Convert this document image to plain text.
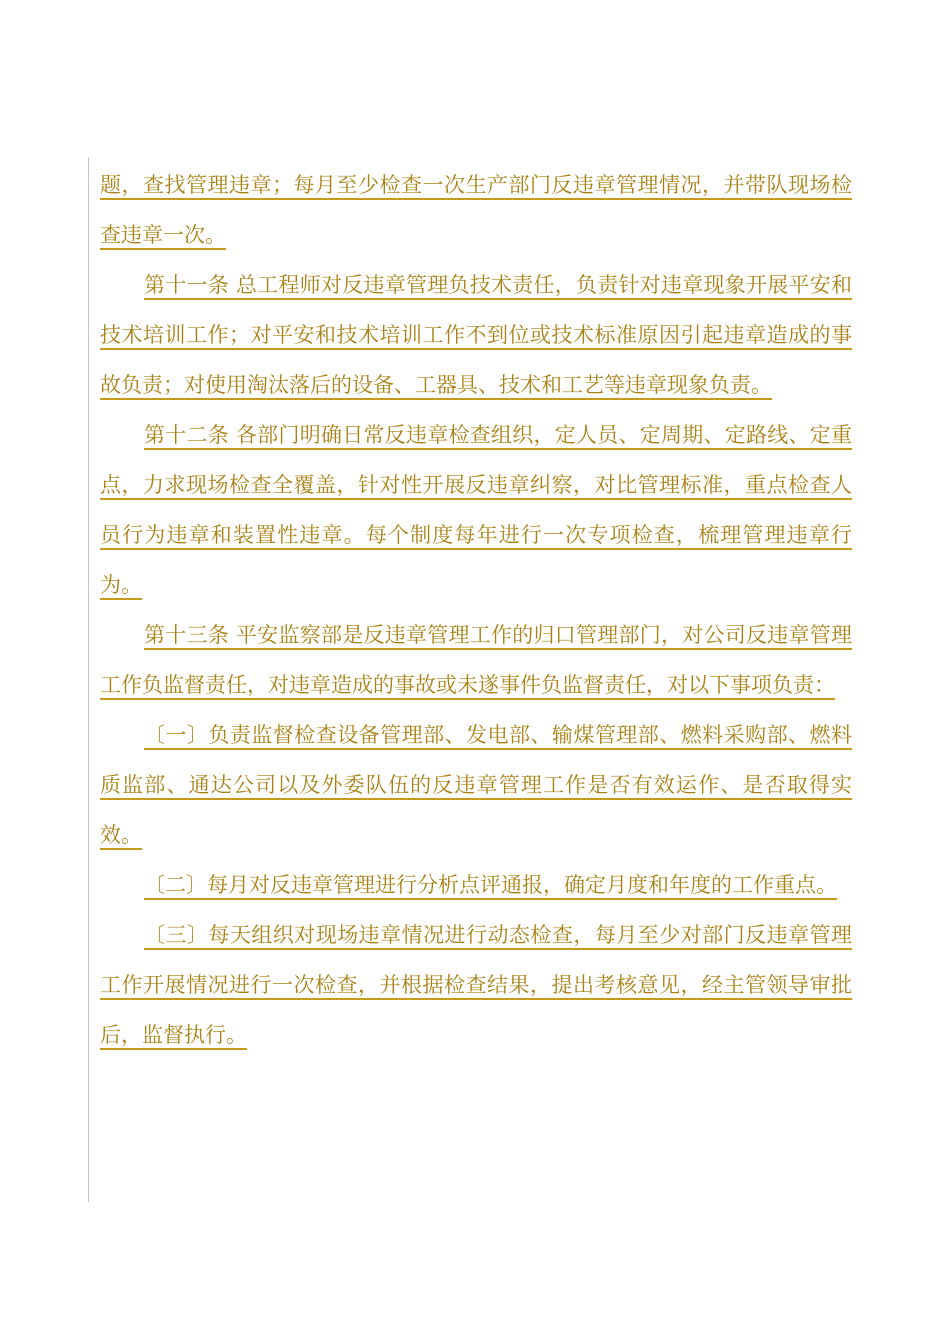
题，查找管理违章；每月至少检查一次生产部门反违章管理情况，并带队现场检查违章一次。

第十一条 总工程师对反违章管理负技术责任，负责针对违章现象开展平安和技术培训工作；对平安和技术培训工作不到位或技术标准原因引起违章造成的事故负责；对使用淘汰落后的设备、工器具、技术和工艺等违章现象负责。

第十二条 各部门明确日常反违章检查组织，定人员、定周期、定路线、定重点，力求现场检查全覆盖，针对性开展反违章纠察，对比管理标准，重点检查人员行为违章和装置性违章。每个制度每年进行一次专项检查，梳理管理违章行为。

第十三条 平安监察部是反违章管理工作的归口管理部门，对公司反违章管理工作负监督责任，对违章造成的事故或未遂事件负监督责任，对以下事项负责：

〔一〕负责监督检查设备管理部、发电部、输煤管理部、燃料采购部、燃料质监部、通达公司以及外委队伍的反违章管理工作是否有效运作、是否取得实效。

〔二〕每月对反违章管理进行分析点评通报，确定月度和年度的工作重点。

〔三〕每天组织对现场违章情况进行动态检查，每月至少对部门反违章管理工作开展情况进行一次检查，并根据检查结果，提出考核意见，经主管领导审批后，监督执行。
